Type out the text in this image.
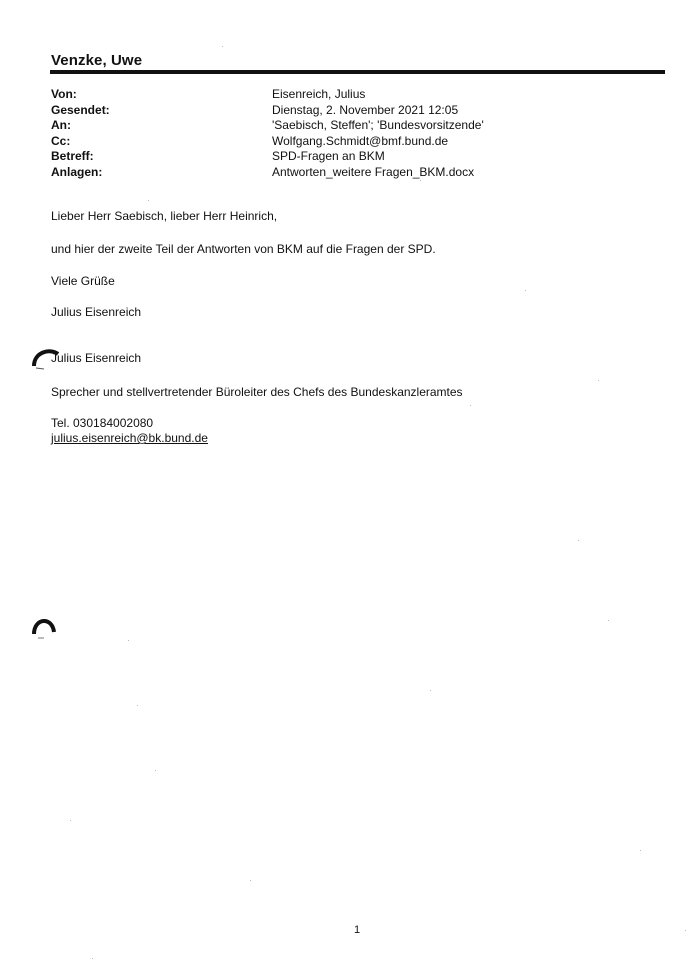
Venzke, Uwe
Von:	Eisenreich, Julius
Gesendet:	Dienstag, 2. November 2021 12:05
An:	'Saebisch, Steffen'; 'Bundesvorsitzende'
Cc:	Wolfgang.Schmidt@bmf.bund.de
Betreff:	SPD-Fragen an BKM
Anlagen:	Antworten_weitere Fragen_BKM.docx
Lieber Herr Saebisch, lieber Herr Heinrich,
und hier der zweite Teil der Antworten von BKM auf die Fragen der SPD.
Viele Grüße
Julius Eisenreich
Julius Eisenreich
Sprecher und stellvertretender Büroleiter des Chefs des Bundeskanzleramtes
Tel. 030184002080
julius.eisenreich@bk.bund.de
1
